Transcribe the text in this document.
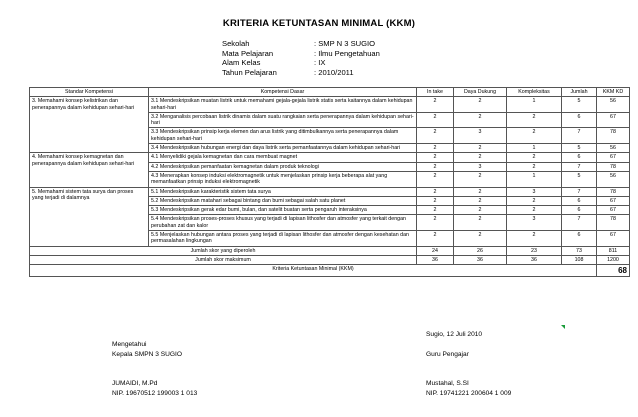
KRITERIA KETUNTASAN MINIMAL (KKM)
Sekolah	: SMP N 3 SUGIO
Mata Pelajaran	: Ilmu Pengetahuan
Alam Kelas	: IX
Tahun Pelajaran	: 2010/2011
Standar Kompetensi	Kompetensi Dasar	In take	Daya Dukung	Kompleksitas	Jumlah	KKM KD
3. Memahami konsep kelistrikan dan penerapannya dalam kehidupan sehari-hari	3.1 Mendeskripsikan muatan listrik untuk memahami gejala-gejala listrik statis serta kaitannya dalam kehidupan sehari-hari	2	2	1	5	56
	3.2 Menganalisis percobaan listrik dinamis dalam suatu rangkaian serta penerapannya dalam kehidupan sehari-hari	2	2	2	6	67
	3.3 Mendeskripsikan prinsip kerja elemen dan arus listrik yang ditimbulkannya serta penerapannya dalam kehidupan sehari-hari	2	3	2	7	78
	3.4 Mendeskripsikan hubungan energi dan daya listrik serta pemanfaatannya dalam kehidupan sehari-hari	2	2	1	5	56
4. Memahami konsep kemagnetan dan penerapannya dalam kehidupan sehari-hari	4.1 Menyelidiki gejala kemagnetan dan cara membuat magnet	2	2	2	6	67
	4.2 Mendeskripsikan pemanfaatan kemagnetan dalam produk teknologi	2	3	2	7	78
	4.3 Menerapkan konsep induksi elektromagnetik untuk menjelaskan prinsip kerja beberapa alat yang memanfaatkan prinsip induksi elektromagnetik	2	2	1	5	56
5. Memahami sistem tata surya dan proses yang terjadi di dalamnya	5.1 Mendeskripsikan karakteristik sistem tata surya	2	2	3	7	78
	5.2 Mendeskripsikan matahari sebagai bintang dan bumi sebagai salah satu planet	2	2	2	6	67
	5.3 Mendeskripsikan gerak edar bumi, bulan, dan satelit buatan serta pengaruh interaksinya	2	2	2	6	67
	5.4 Mendeskripsikan proses-proses khusus yang terjadi di lapisan lithosfer dan atmosfer yang terkait dengan perubahan zat dan kalor	2	2	3	7	78
	5.5 Menjelaskan hubungan antara proses yang terjadi di lapisan lithosfer dan atmosfer dengan kesehatan dan permasalahan lingkungan	2	2	2	6	67
Jumlah skor yang diperoleh		24	26	23	73	811
Jumlah skor maksimum		36	36	36	108	1200
Kriteria Ketuntasan Minimal (KKM)						68
Sugio, 12 Juli 2010
Mengetahui
Kepala SMPN 3 SUGIO	Guru Pengajar
JUMAIDI, M.Pd
NIP. 19670512 199003 1 013
Mustahal, S.SI
NIP. 19741221 200604 1 009
